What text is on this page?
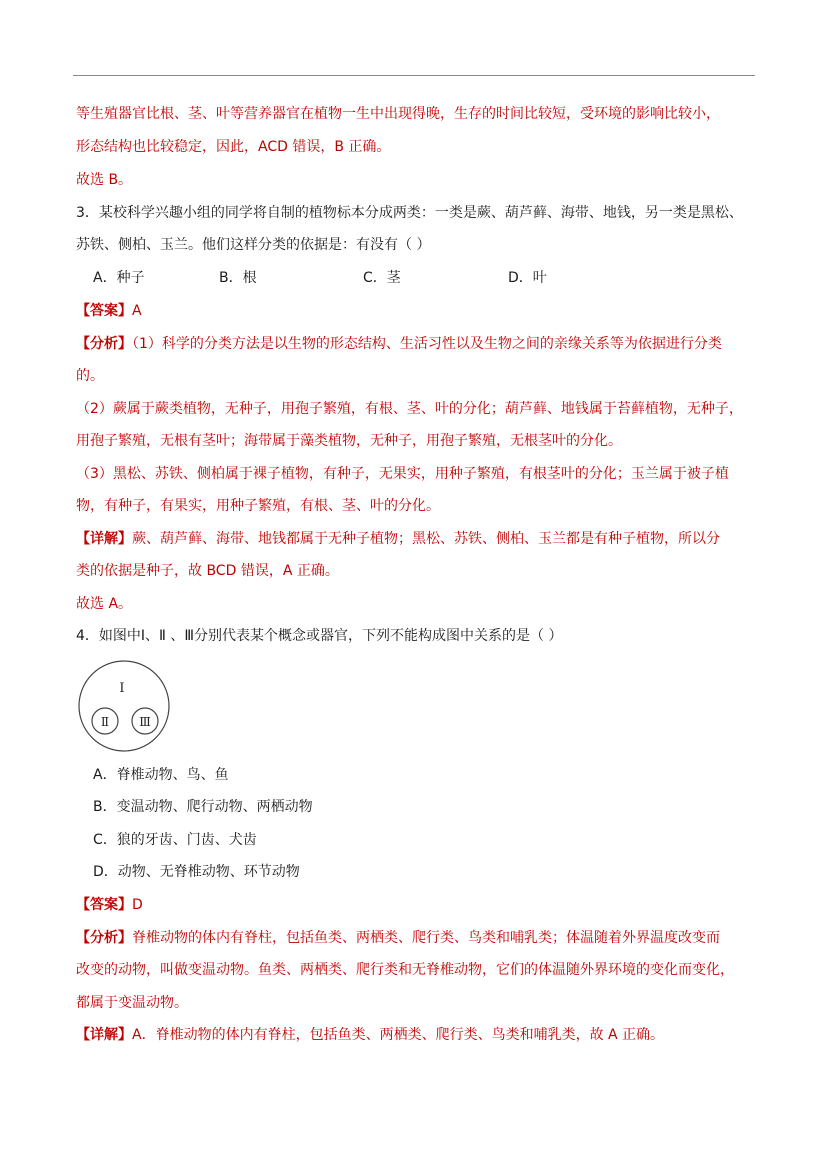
等生殖器官比根、茎、叶等营养器官在植物一生中出现得晚，生存的时间比较短，受环境的影响比较小，
形态结构也比较稳定，因此，ACD 错误，B 正确。
故选 B。
3．某校科学兴趣小组的同学将自制的植物标本分成两类：一类是蕨、葫芦藓、海带、地钱，另一类是黑松、
苏铁、侧柏、玉兰。他们这样分类的依据是：有没有（ ）
A．种子	B．根	C．茎	D．叶
【答案】A
【分析】（1）科学的分类方法是以生物的形态结构、生活习性以及生物之间的亲缘关系等为依据进行分类
的。
（2）蕨属于蕨类植物，无种子，用孢子繁殖，有根、茎、叶的分化；葫芦藓、地钱属于苔藓植物，无种子，
用孢子繁殖，无根有茎叶；海带属于藻类植物，无种子，用孢子繁殖，无根茎叶的分化。
（3）黑松、苏铁、侧柏属于裸子植物，有种子，无果实，用种子繁殖，有根茎叶的分化；玉兰属于被子植
物，有种子，有果实，用种子繁殖，有根、茎、叶的分化。
【详解】蕨、葫芦藓、海带、地钱都属于无种子植物；黑松、苏铁、侧柏、玉兰都是有种子植物，所以分
类的依据是种子，故 BCD 错误，A 正确。
故选 A。
4．如图中Ⅰ、Ⅱ 、Ⅲ分别代表某个概念或器官，下列不能构成图中关系的是（ ）
Ⅰ
Ⅱ	Ⅲ
A．脊椎动物、鸟、鱼
B．变温动物、爬行动物、两栖动物
C．狼的牙齿、门齿、犬齿
D．动物、无脊椎动物、环节动物
【答案】D
【分析】脊椎动物的体内有脊柱，包括鱼类、两栖类、爬行类、鸟类和哺乳类；体温随着外界温度改变而
改变的动物，叫做变温动物。鱼类、两栖类、爬行类和无脊椎动物，它们的体温随外界环境的变化而变化，
都属于变温动物。
【详解】A．脊椎动物的体内有脊柱，包括鱼类、两栖类、爬行类、鸟类和哺乳类，故 A 正确。
